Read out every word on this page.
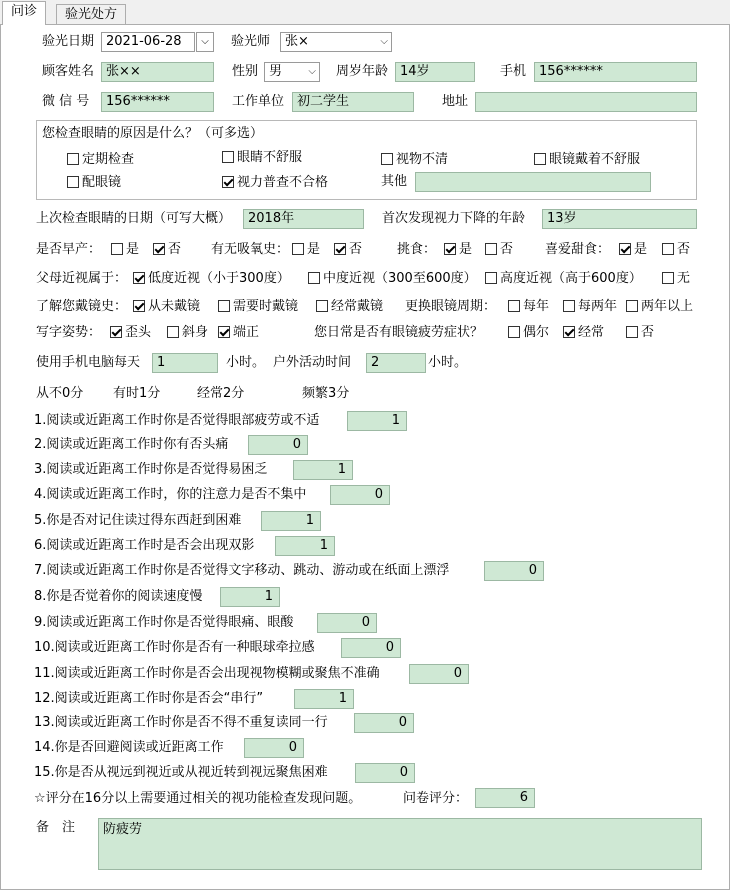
问诊	验光处方
验光日期 2021-06-28	⌵	验光师	张×	⌵
顾客姓名 张××	性别 男	⌵ 周岁年龄 14岁	手机 156******
微 信 号	156******	工作单位 初二学生	地址
您检查眼睛的原因是什么？（可多选）
定期检查	眼睛不舒服	视物不清	眼镜戴着不舒服
配眼镜	视力普查不合格	其他
上次检查眼睛的日期（可写大概）	2018年	首次发现视力下降的年龄	13岁
是否早产：	是	否 有无吸氧史：	是	否	挑食：	是	否 喜爱甜食：	是	否
父母近视属于：	低度近视（小于300度）	中度近视（300至600度）	高度近视（高于600度）	无
了解您戴镜史：	从未戴镜	需要时戴镜	经常戴镜 更换眼镜周期：	每年	每两年	两年以上
写字姿势：	歪头	斜身	端正	您日常是否有眼镜疲劳症状？	偶尔	经常	否
使用手机电脑每天	1	小时。 户外活动时间	2	小时。
从不0分 有时1分	经常2分	频繁3分
1.阅读或近距离工作时你是否觉得眼部疲劳或不适	1
2.阅读或近距离工作时你有否头痛	0
3.阅读或近距离工作时你是否觉得易困乏	1
4.阅读或近距离工作时，你的注意力是否不集中	0
5.你是否对记住读过得东西赶到困难	1
6.阅读或近距离工作时是否会出现双影	1
7.阅读或近距离工作时你是否觉得文字移动、跳动、游动或在纸面上漂浮	0
8.你是否觉着你的阅读速度慢	1
9.阅读或近距离工作时你是否觉得眼痛、眼酸	0
10.阅读或近距离工作时你是否有一种眼球牵拉感	0
11.阅读或近距离工作时你是否会出现视物模糊或聚焦不准确	0
12.阅读或近距离工作时你是否会“串行”	1
13.阅读或近距离工作时你是否不得不重复读同一行	0
14.你是否回避阅读或近距离工作	0
15.你是否从视远到视近或从视近转到视远聚焦困难	0
☆评分在16分以上需要通过相关的视功能检查发现问题。	问卷评分：	6
备　注	防疲劳
